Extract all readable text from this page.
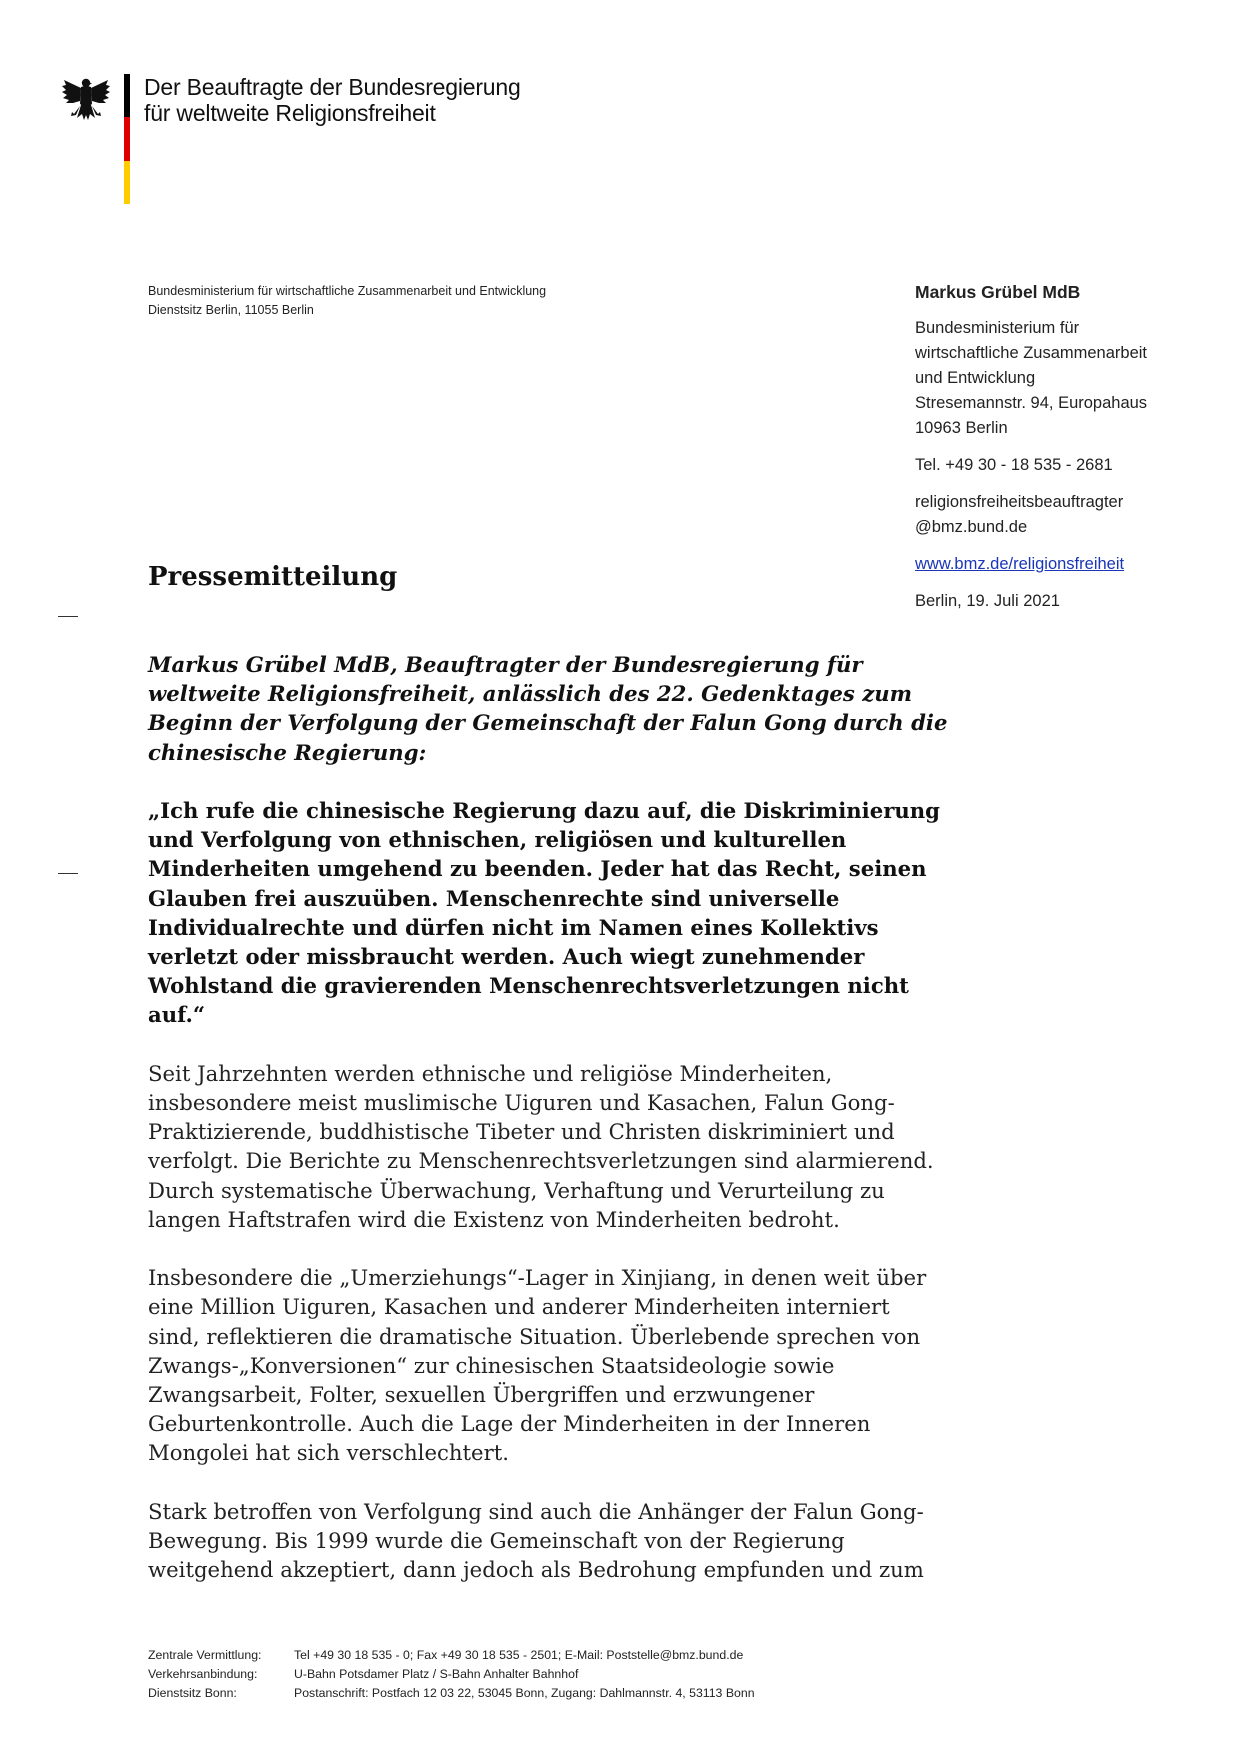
Der Beauftragte der Bundesregierung
für weltweite Religionsfreiheit
Bundesministerium für wirtschaftliche Zusammenarbeit und Entwicklung
Dienstsitz Berlin, 11055 Berlin
Markus Grübel MdB
Bundesministerium für
wirtschaftliche Zusammenarbeit
und Entwicklung
Stresemannstr. 94, Europahaus
10963 Berlin
Tel. +49 30 - 18 535 - 2681
religionsfreiheitsbeauftragter
@bmz.bund.de
www.bmz.de/religionsfreiheit
Berlin, 19. Juli 2021
Pressemitteilung
Markus Grübel MdB, Beauftragter der Bundesregierung für
weltweite Religionsfreiheit, anlässlich des 22. Gedenktages zum
Beginn der Verfolgung der Gemeinschaft der Falun Gong durch die
chinesische Regierung:
„Ich rufe die chinesische Regierung dazu auf, die Diskriminierung
und Verfolgung von ethnischen, religiösen und kulturellen
Minderheiten umgehend zu beenden. Jeder hat das Recht, seinen
Glauben frei auszuüben. Menschenrechte sind universelle
Individualrechte und dürfen nicht im Namen eines Kollektivs
verletzt oder missbraucht werden. Auch wiegt zunehmender
Wohlstand die gravierenden Menschenrechtsverletzungen nicht
auf.“
Seit Jahrzehnten werden ethnische und religiöse Minderheiten,
insbesondere meist muslimische Uiguren und Kasachen, Falun Gong-
Praktizierende, buddhistische Tibeter und Christen diskriminiert und
verfolgt. Die Berichte zu Menschenrechtsverletzungen sind alarmierend.
Durch systematische Überwachung, Verhaftung und Verurteilung zu
langen Haftstrafen wird die Existenz von Minderheiten bedroht.
Insbesondere die „Umerziehungs“-Lager in Xinjiang, in denen weit über
eine Million Uiguren, Kasachen und anderer Minderheiten interniert
sind, reflektieren die dramatische Situation. Überlebende sprechen von
Zwangs-„Konversionen“ zur chinesischen Staatsideologie sowie
Zwangsarbeit, Folter, sexuellen Übergriffen und erzwungener
Geburtenkontrolle. Auch die Lage der Minderheiten in der Inneren
Mongolei hat sich verschlechtert.
Stark betroffen von Verfolgung sind auch die Anhänger der Falun Gong-
Bewegung. Bis 1999 wurde die Gemeinschaft von der Regierung
weitgehend akzeptiert, dann jedoch als Bedrohung empfunden und zum
Zentrale Vermittlung:	Tel +49 30 18 535 - 0; Fax +49 30 18 535 - 2501; E-Mail: Poststelle@bmz.bund.de
Verkehrsanbindung:	U-Bahn Potsdamer Platz / S-Bahn Anhalter Bahnhof
Dienstsitz Bonn:	Postanschrift: Postfach 12 03 22, 53045 Bonn, Zugang: Dahlmannstr. 4, 53113 Bonn
